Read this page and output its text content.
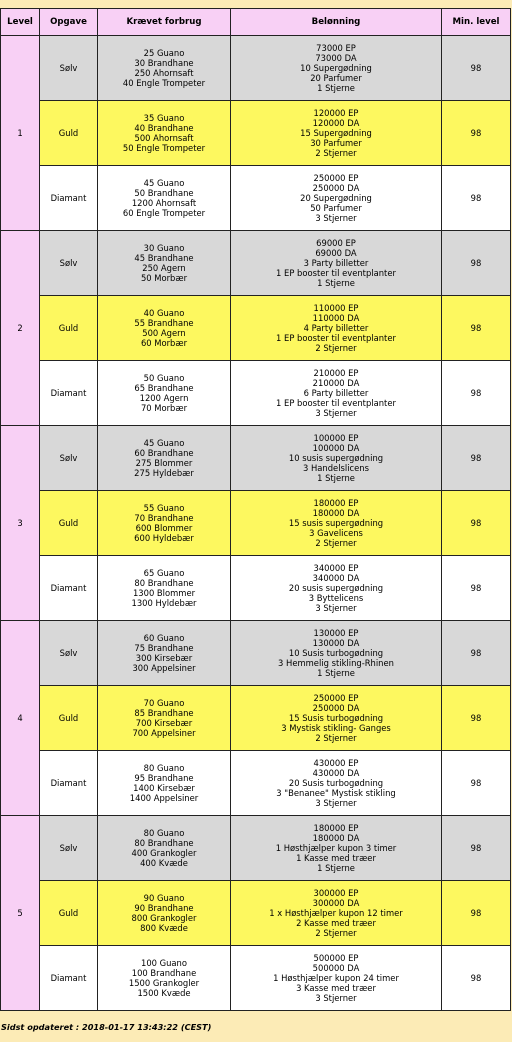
Level	Opgave	Krævet forbrug	Belønning	Min. level
1	Sølv	25 Guano
30 Brandhane
250 Ahornsaft
40 Engle Trompeter	73000 EP
73000 DA
10 Supergødning
20 Parfumer
1 Stjerne	98
	Guld	35 Guano
40 Brandhane
500 Ahornsaft
50 Engle Trompeter	120000 EP
120000 DA
15 Supergødning
30 Parfumer
2 Stjerner	98
	Diamant	45 Guano
50 Brandhane
1200 Ahornsaft
60 Engle Trompeter	250000 EP
250000 DA
20 Supergødning
50 Parfumer
3 Stjerner	98
2	Sølv	30 Guano
45 Brandhane
250 Agern
50 Morbær	69000 EP
69000 DA
3 Party billetter
1 EP booster til eventplanter
1 Stjerne	98
	Guld	40 Guano
55 Brandhane
500 Agern
60 Morbær	110000 EP
110000 DA
4 Party billetter
1 EP booster til eventplanter
2 Stjerner	98
	Diamant	50 Guano
65 Brandhane
1200 Agern
70 Morbær	210000 EP
210000 DA
6 Party billetter
1 EP booster til eventplanter
3 Stjerner	98
3	Sølv	45 Guano
60 Brandhane
275 Blommer
275 Hyldebær	100000 EP
100000 DA
10 susis supergødning
3 Handelslicens
1 Stjerne	98
	Guld	55 Guano
70 Brandhane
600 Blommer
600 Hyldebær	180000 EP
180000 DA
15 susis supergødning
3 Gavelicens
2 Stjerner	98
	Diamant	65 Guano
80 Brandhane
1300 Blommer
1300 Hyldebær	340000 EP
340000 DA
20 susis supergødning
3 Byttelicens
3 Stjerner	98
4	Sølv	60 Guano
75 Brandhane
300 Kirsebær
300 Appelsiner	130000 EP
130000 DA
10 Susis turbogødning
3 Hemmelig stikling-Rhinen
1 Stjerne	98
	Guld	70 Guano
85 Brandhane
700 Kirsebær
700 Appelsiner	250000 EP
250000 DA
15 Susis turbogødning
3 Mystisk stikling- Ganges
2 Stjerner	98
	Diamant	80 Guano
95 Brandhane
1400 Kirsebær
1400 Appelsiner	430000 EP
430000 DA
20 Susis turbogødning
3 "Benanee" Mystisk stikling
3 Stjerner	98
5	Sølv	80 Guano
80 Brandhane
400 Grankogler
400 Kvæde	180000 EP
180000 DA
1 Høsthjælper kupon 3 timer
1 Kasse med træer
1 Stjerne	98
	Guld	90 Guano
90 Brandhane
800 Grankogler
800 Kvæde	300000 EP
300000 DA
1 x Høsthjælper kupon 12 timer
2 Kasse med træer
2 Stjerner	98
	Diamant	100 Guano
100 Brandhane
1500 Grankogler
1500 Kvæde	500000 EP
500000 DA
1 Høsthjælper kupon 24 timer
3 Kasse med træer
3 Stjerner	98
Sidst opdateret : 2018-01-17 13:43:22 (CEST)
